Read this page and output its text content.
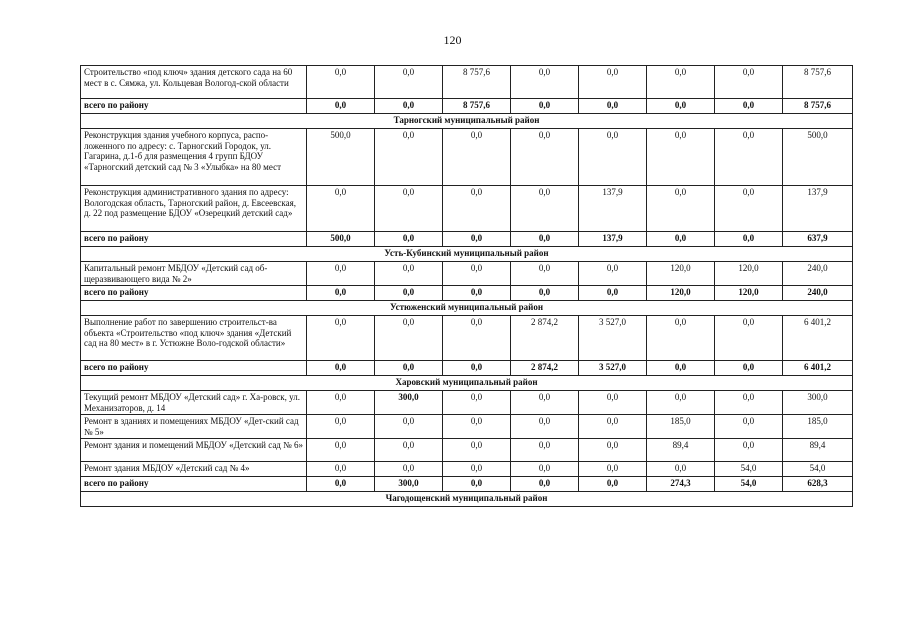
120
Строительство «под ключ» здания детского сада на 60 мест в с. Сямжа, ул. Кольцевая Вологод-ской области	0,0	0,0	8 757,6	0,0	0,0	0,0	0,0	8 757,6
всего по району	0,0	0,0	8 757,6	0,0	0,0	0,0	0,0	8 757,6
Тарногский муниципальный район								
Реконструкция здания учебного корпуса, распо-ложенного по адресу: с. Тарногский Городок, ул. Гагарина, д.1-б для размещения 4 групп БДОУ «Тарногский детский сад № 3 «Улыбка» на 80 мест	500,0	0,0	0,0	0,0	0,0	0,0	0,0	500,0
Реконструкция административного здания по адресу: Вологодская область, Тарногский район, д. Евсеевская, д. 22 под размещение БДОУ «Озерецкий детский сад»	0,0	0,0	0,0	0,0	137,9	0,0	0,0	137,9
всего по району	500,0	0,0	0,0	0,0	137,9	0,0	0,0	637,9
Усть-Кубинский муниципальный район								
Капитальный ремонт МБДОУ «Детский сад об-щеразвивающего вида № 2»	0,0	0,0	0,0	0,0	0,0	120,0	120,0	240,0
всего по району	0,0	0,0	0,0	0,0	0,0	120,0	120,0	240,0
Устюженский муниципальный район								
Выполнение работ по завершению строительст-ва объекта «Строительство «под ключ» здания «Детский сад на 80 мест» в г. Устюжне Воло-годской области»	0,0	0,0	0,0	2 874,2	3 527,0	0,0	0,0	6 401,2
всего по району	0,0	0,0	0,0	2 874,2	3 527,0	0,0	0,0	6 401,2
Харовский муниципальный район								
Текущий ремонт МБДОУ «Детский сад» г. Ха-ровск, ул. Механизаторов, д. 14	0,0	300,0	0,0	0,0	0,0	0,0	0,0	300,0
Ремонт в зданиях и помещениях МБДОУ «Дет-ский сад № 5»	0,0	0,0	0,0	0,0	0,0	185,0	0,0	185,0
Ремонт здания и помещений МБДОУ «Детский сад № 6»	0,0	0,0	0,0	0,0	0,0	89,4	0,0	89,4
Ремонт здания МБДОУ «Детский сад № 4»	0,0	0,0	0,0	0,0	0,0	0,0	54,0	54,0
всего по району	0,0	300,0	0,0	0,0	0,0	274,3	54,0	628,3
Чагодощенский муниципальный район								
